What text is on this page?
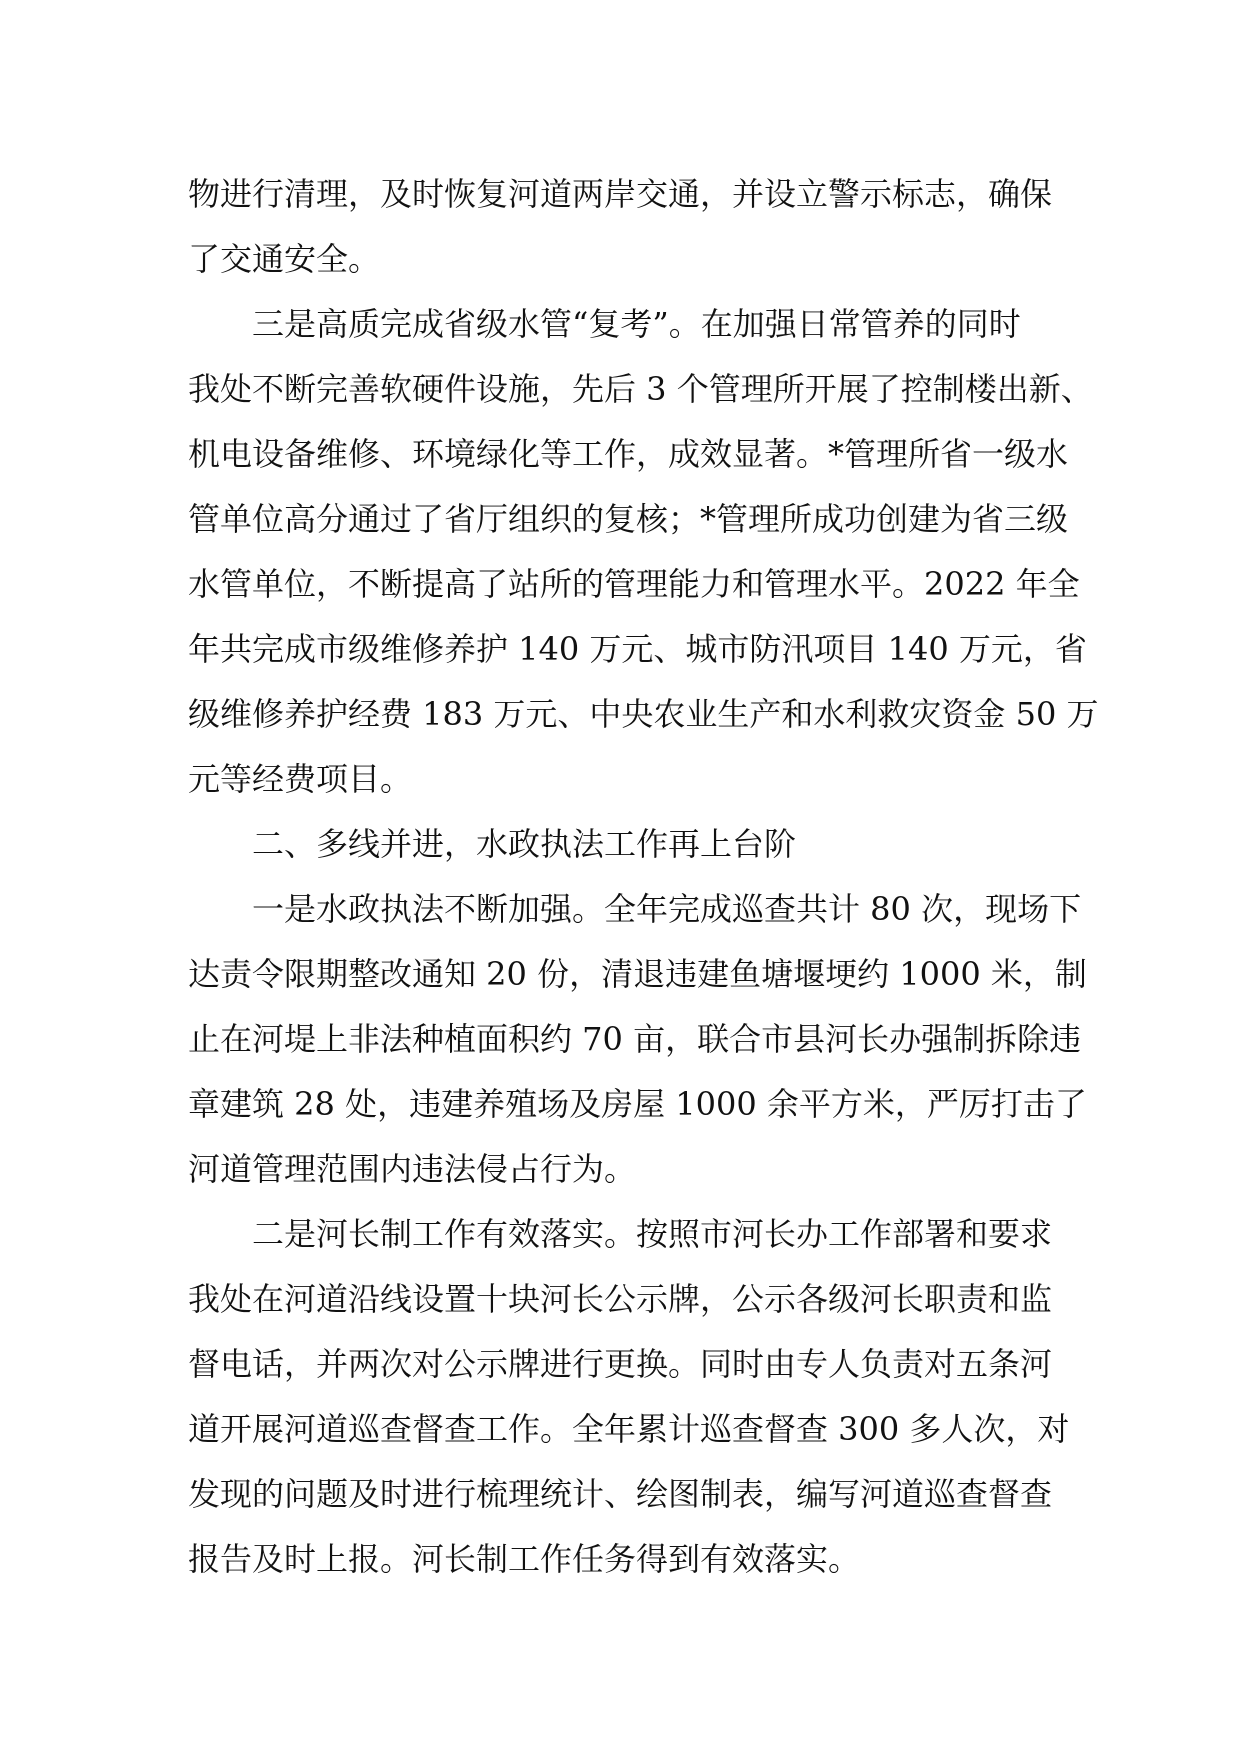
物进行清理，及时恢复河道两岸交通，并设立警示标志，确保
了交通安全。
三是高质完成省级水管“复考”。在加强日常管养的同时
我处不断完善软硬件设施，先后 3 个管理所开展了控制楼出新、
机电设备维修、环境绿化等工作，成效显著。*管理所省一级水
管单位高分通过了省厅组织的复核；*管理所成功创建为省三级
水管单位，不断提高了站所的管理能力和管理水平。2022 年全
年共完成市级维修养护 140 万元、城市防汛项目 140 万元，省
级维修养护经费 183 万元、中央农业生产和水利救灾资金 50 万
元等经费项目。
二、多线并进，水政执法工作再上台阶
一是水政执法不断加强。全年完成巡查共计 80 次，现场下
达责令限期整改通知 20 份，清退违建鱼塘堰埂约 1000 米，制
止在河堤上非法种植面积约 70 亩，联合市县河长办强制拆除违
章建筑 28 处，违建养殖场及房屋 1000 余平方米，严厉打击了
河道管理范围内违法侵占行为。
二是河长制工作有效落实。按照市河长办工作部署和要求
我处在河道沿线设置十块河长公示牌，公示各级河长职责和监
督电话，并两次对公示牌进行更换。同时由专人负责对五条河
道开展河道巡查督查工作。全年累计巡查督查 300 多人次，对
发现的问题及时进行梳理统计、绘图制表，编写河道巡查督查
报告及时上报。河长制工作任务得到有效落实。
